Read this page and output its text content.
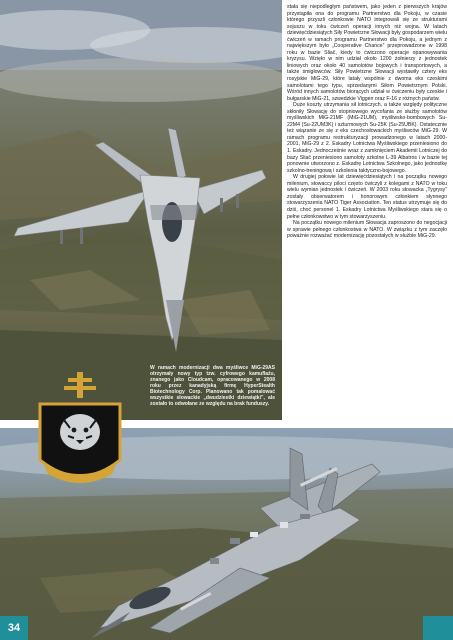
stała się niepodległym państwem, jako jeden z pierwszych krajów przystąpiła ona do programu Partnerstwo dla Pokoju, w czasie którego przyszli członkowie NATO integrowali się ze strukturami sojuszu w toku ćwiczeń operacji innych niż wojna. W latach dziewięćdziesiątych Siły Powietrzne Słowacji były gospodarzem wielu ćwiczeń w ramach programu Partnerstwo dla Pokoju, a jednym z największym było „Cooperative Chance” przeprowadzone w 1998 roku w bazie Sliač, kiedy to ćwiczono operacje opanowywania kryzysu. Wzięło w nim udział około 1200 żołnierzy z jednostek liniowych oraz około 40 samolotów bojowych i transportowych, a także śmigłowców. Siły Powietrzne Słowacji wystawiły cztery eks rosyjskie MiG-29, które latały wspólnie z dwoma eks czeskimi samolotami tego typu, sprzedanymi Siłom Powietrznym Polski. Wśród innych samolotów biorących udział w ćwiczeniu były czeskie i bułgarskie MiG-21, szwedzkie Viggen oraz F-16 z różnych państw.

Duże koszty utrzymania sił lotniczych, a także względy polityczne skłoniły Słowację do stopniowego wycofania ze służby samolotów myśliwskich MiG-21MF (MiG-21UM), myśliwsko-bombowych Su-22M4 (Su-22UM3K) i szturmowych Su-25K (Su-25UBK). Ostatecznie też wiązanie ze się z eks czechosłowackich myśliwców MiG-29. W ramach programu restrukturyzacji prowadzonego w latach 2000-2001, MiG-29 z 2. Eskadry Lotnictwa Myśliwskiego przeniesiono do 1. Eskadry. Jednocześnie wraz z zamknięciem Akademii Lotniczej do bazy Sliač przeniesiono samoloty szkolne L-39 Albatros i w bazie tej ponownie utworzono z. Eskadrę Lotnictwa Szkolnego, jako jednostkę szkolno-treningową i szkolenia taktyczno-bojowego.

W drugiej połowie lat dziewięćdziesiątych i na początku nowego milenium, słowaccy piloci często ćwiczyli z kolegami z NATO w toku wielu wymian jednostek i ćwiczeń. W 2003 roku słowacka „Tygrysy” zostały obserwatorem i honorowym członkiem słynnego stowarzyszenia NATO Tiger Association. Ten status utrzymuje się do dziś, choć personel 1. Eskadry Lotnictwa Myśliwskiego stara się o pełne członkowstwo w tym stowarzyszeniu.

Na początku nowego milenium Słowacja zaproszono do negocjacji w sprawie pełnego członkostwa w NATO. W związku z tym zaczęło poważnie rozważać modernizację pozostałych w służbie MiG-29.

W ramach modernizacji dwa myśliwce MiG-29AS otrzymały nowy typ tzw. cyfrowego kamuflażu, znanego jako Cloudcam, opracowanego w 2008 roku przez kanadyjską firmę HyperStealth Biotechnology Corp. Planowano tak pomalować wszystkie słowackie „dwudziestki dziewiątki”, ale zostało to odwołane ze względu na brak funduszy.
34
